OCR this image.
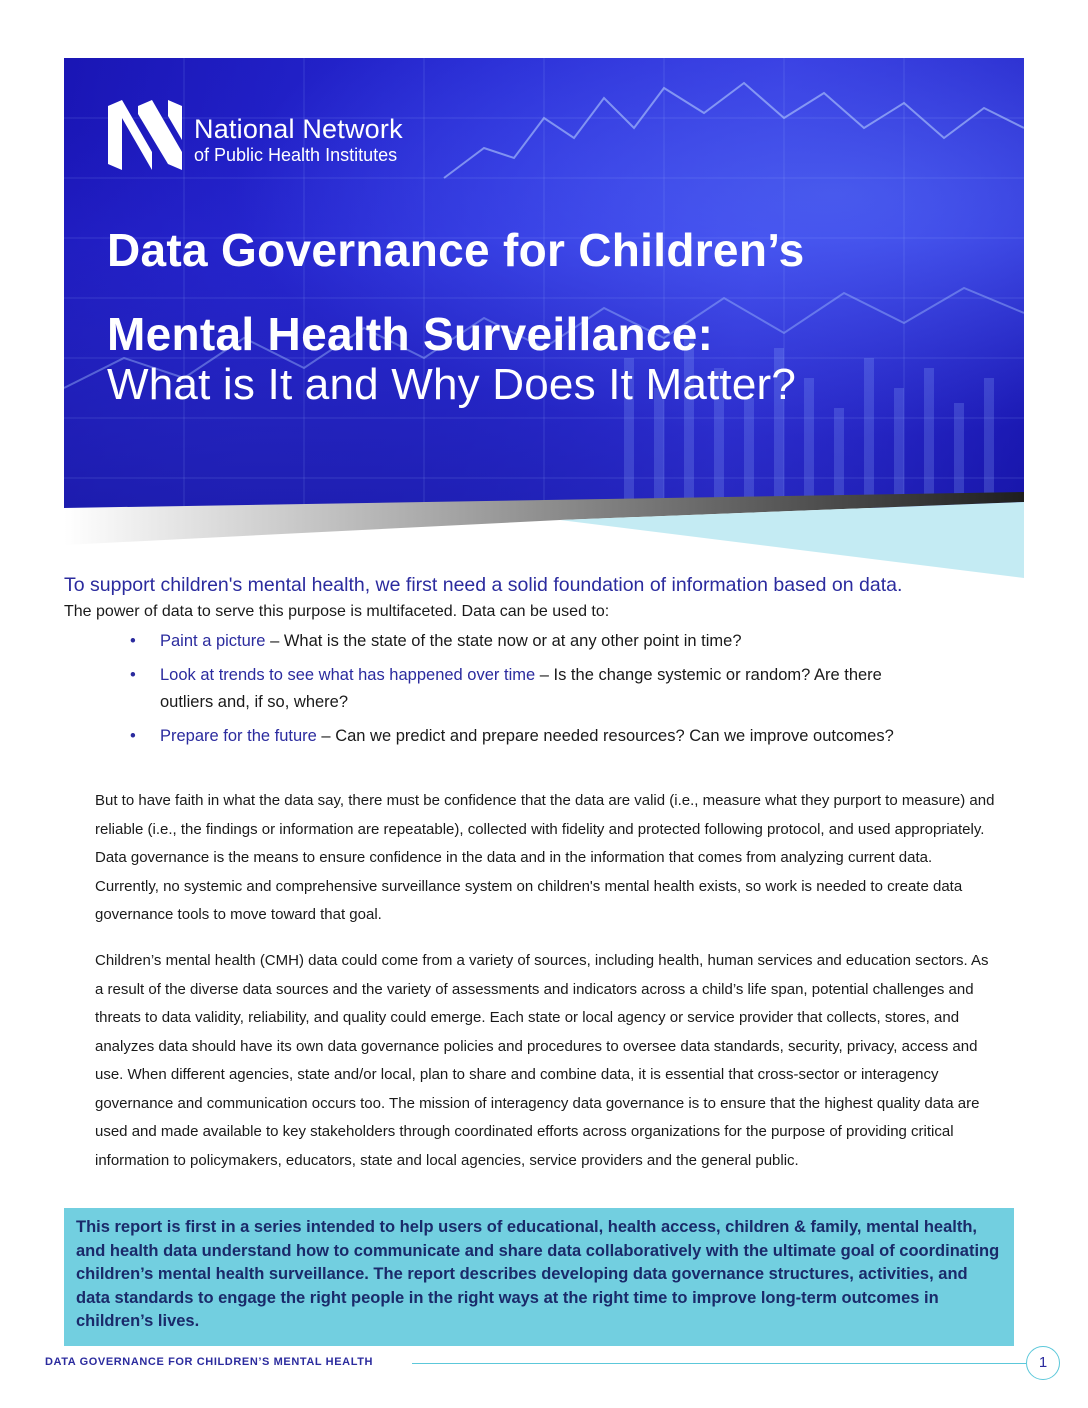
National Network
of Public Health Institutes
Data Governance for Children’s
Mental Health Surveillance:
What is It and Why Does It Matter?
To support children's mental health, we first need a solid foundation of information based on data.
The power of data to serve this purpose is multifaceted. Data can be used to:
• Paint a picture – What is the state of the state now or at any other point in time?
• Look at trends to see what has happened over time – Is the change systemic or random? Are there outliers and, if so, where?
• Prepare for the future – Can we predict and prepare needed resources? Can we improve outcomes?
But to have faith in what the data say, there must be confidence that the data are valid (i.e., measure what they purport to measure) and reliable (i.e., the findings or information are repeatable), collected with fidelity and protected following protocol, and used appropriately. Data governance is the means to ensure confidence in the data and in the information that comes from analyzing current data. Currently, no systemic and comprehensive surveillance system on children's mental health exists, so work is needed to create data governance tools to move toward that goal.
Children’s mental health (CMH) data could come from a variety of sources, including health, human services and education sectors. As a result of the diverse data sources and the variety of assessments and indicators across a child’s life span, potential challenges and threats to data validity, reliability, and quality could emerge. Each state or local agency or service provider that collects, stores, and analyzes data should have its own data governance policies and procedures to oversee data standards, security, privacy, access and use. When different agencies, state and/or local, plan to share and combine data, it is essential that cross-sector or interagency governance and communication occurs too. The mission of interagency data governance is to ensure that the highest quality data are used and made available to key stakeholders through coordinated efforts across organizations for the purpose of providing critical information to policymakers, educators, state and local agencies, service providers and the general public.
This report is first in a series intended to help users of educational, health access, children & family, mental health, and health data understand how to communicate and share data collaboratively with the ultimate goal of coordinating children’s mental health surveillance. The report describes developing data governance structures, activities, and data standards to engage the right people in the right ways at the right time to improve long-term outcomes in children’s lives.
DATA GOVERNANCE FOR CHILDREN’S MENTAL HEALTH	1
